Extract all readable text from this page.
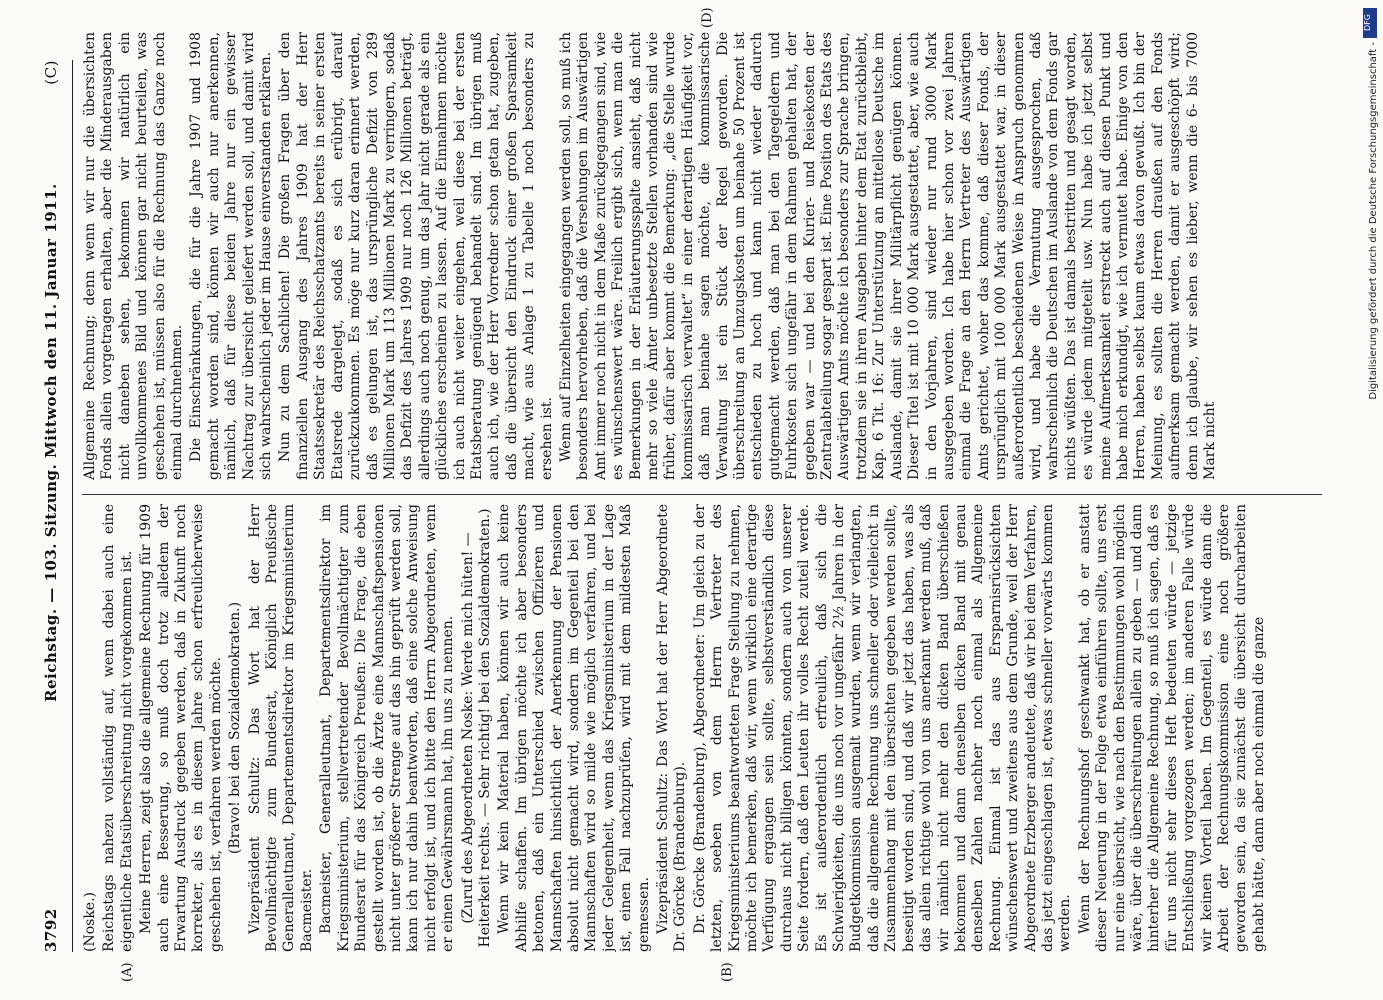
3792
Reichstag. — 103. Sitzung. Mittwoch den 11. Januar 1911.
(C)
(A)	(B)
(D)

(Noske.) Reichstags nahezu vollständig auf, wenn dabei auch eine eigentliche Etatsüberschreitung nicht vorgekommen ist. Meine Herren, zeigt also die allgemeine Rechnung für 1909 auch eine Besserung, so muß doch trotz alledem der Erwartung Ausdruck gegeben werden, daß in Zukunft noch korrekter, als es in diesem Jahre schon erfreulicherweise geschehen ist, verfahren werden möchte. (Bravo! bei den Sozialdemokraten.) Vizepräsident Schultz: Das Wort hat der Herr Bevollmächtigte zum Bundesrat, Königlich Preußische Generalleutnant, Departementsdirektor im Kriegsministerium Bacmeister. Bacmeister, Generalleutnant, Departementsdirektor im Kriegsministerium, stellvertretender Bevollmächtigter zum Bundesrat für das Königreich Preußen: Die Frage, die eben gestellt worden ist, ob die Ärzte eine Mannschaftspensionen nicht unter größerer Strenge auf das hin geprüft werden soll, kann ich nur dahin beantworten, daß eine solche Anweisung nicht erfolgt ist, und ich bitte den Herrn Abgeordneten, wenn er einen Gewährsmann hat, ihn uns zu nennen. (Zuruf des Abgeordneten Noske: Werde mich hüten! — Heiterkeit rechts. — Sehr richtig! bei den Sozialdemokraten.) Wenn wir kein Material haben, können wir auch keine Abhilfe schaffen. Im übrigen möchte ich aber besonders betonen, daß ein Unterschied zwischen Offizieren und Mannschaften hinsichtlich der Anerkennung der Pensionen absolut nicht gemacht wird, sondern im Gegenteil bei den Mannschaften wird so milde wie möglich verfahren, und bei jeder Gelegenheit, wenn das Kriegsministerium in der Lage ist, einen Fall nachzuprüfen, wird mit dem mildesten Maß gemessen. Vizepräsident Schultz: Das Wort hat der Herr Abgeordnete Dr. Görcke (Brandenburg). Dr. Görcke (Brandenburg), Abgeordneter: Um gleich zu der letzten, soeben von dem Herrn Vertreter des Kriegsministeriums beantworteten Frage Stellung zu nehmen, möchte ich bemerken, daß wir, wenn wirklich eine derartige Verfügung ergangen sein sollte, selbstverständlich diese durchaus nicht billigen könnten, sondern auch von unserer Seite fordern, daß den Leuten ihr volles Recht zuteil werde. Es ist außerordentlich erfreulich, daß sich die Schwierigkeiten, die uns noch vor ungefähr 2½ Jahren in der Budgetkommission ausgemalt wurden, wenn wir verlangten, daß die allgemeine Rechnung uns schneller oder vielleicht in Zusammenhang mit den übersichten gegeben werden sollte, beseitigt worden sind, und daß wir jetzt das haben, was als das allein richtige wohl von uns anerkannt werden muß, daß wir nämlich nicht mehr den dicken Band überschießen bekommen und dann denselben dicken Band mit genau denselben Zahlen nachher noch einmal als Allgemeine Rechnung. Einmal ist das aus Ersparnisrücksichten wünschenswert und zweitens aus dem Grunde, weil der Herr Abgeordnete Erzberger andeutete, daß wir bei dem Verfahren, das jetzt eingeschlagen ist, etwas schneller vorwärts kommen werden. Wenn der Rechnungshof geschwankt hat, ob er anstatt dieser Neuerung in der Folge etwa einführen sollte, uns erst nur eine übersicht, wie nach den Bestimmungen wohl möglich wäre, über die überschreitungen allein zu geben — und dann hinterher die Allgemeine Rechnung, so muß ich sagen, daß es für uns nicht sehr dieses Heft bedeuten würde — jetzige Entschließung vorgezogen werden; im anderen Falle würde wir keinen Vorteil haben. Im Gegenteil, es würde dann die Arbeit der Rechnungskommission eine noch größere geworden sein, da sie zunächst die übersicht durcharbeiten gehabt hätte, dann aber noch einmal die ganze

Allgemeine Rechnung; denn wenn wir nur die übersichten Fonds allein vorgetragen erhalten, aber die Minderausgaben nicht daneben sehen, bekommen wir natürlich ein unvollkommenes Bild und können gar nicht beurteilen, was geschehen ist, müssen also für die Rechnung das Ganze noch einmal durchnehmen. Die Einschränkungen, die für die Jahre 1907 und 1908 gemacht worden sind, können wir auch nur anerkennen, nämlich, daß für diese beiden Jahre nur ein gewisser Nachtrag zur übersicht geliefert werden soll, und damit wird sich wahrscheinlich jeder im Hause einverstanden erklären. Nun zu dem Sachlichen! Die großen Fragen über den finanziellen Ausgang des Jahres 1909 hat der Herr Staatssekretär des Reichsschatzamts bereits in seiner ersten Etatsrede dargelegt, sodaß es sich erübrigt, darauf zurückzukommen. Es möge nur kurz daran erinnert werden, daß es gelungen ist, das ursprüngliche Defizit von 289 Millionen Mark um 113 Millionen Mark zu verringern, sodaß das Defizit des Jahres 1909 nur noch 126 Millionen beträgt, allerdings auch noch genug, um das Jahr nicht gerade als ein glückliches erscheinen zu lassen. Auf die Einnahmen möchte ich auch nicht weiter eingehen, weil diese bei der ersten Etatsberatung genügend behandelt sind. Im übrigen muß auch ich, wie der Herr Vorredner schon getan hat, zugeben, daß die übersicht den Eindruck einer großen Sparsamkeit macht, wie aus Anlage 1 zu Tabelle 1 noch besonders zu ersehen ist. Wenn auf Einzelheiten eingegangen werden soll, so muß ich besonders hervorheben, daß die Versehungen im Auswärtigen Amt immer noch nicht in dem Maße zurückgegangen sind, wie es wünschenswert wäre. Freilich ergibt sich, wenn man die Bemerkungen in der Erläuterungsspalte ansieht, daß nicht mehr so viele Ämter unbesetzte Stellen vorhanden sind wie früher, dafür aber kommt die Bemerkung: „die Stelle wurde kommissarisch verwaltet“ in einer derartigen Häufigkeit vor, daß man beinahe sagen möchte, die kommissarische Verwaltung ist ein Stück der Regel geworden. Die überschreitung an Umzugskosten um beinahe 50 Prozent ist entschieden zu hoch und kann nicht wieder dadurch gutgemacht werden, daß man bei den Tagegeldern und Fuhrkosten sich ungefähr in dem Rahmen gehalten hat, der gegeben war — und bei den Kurier- und Reisekosten der Zentralabteilung sogar gespart ist. Eine Position des Etats des Auswärtigen Amts möchte ich besonders zur Sprache bringen, trotzdem sie in ihren Ausgaben hinter dem Etat zurückbleibt, Kap. 6 Tit. 16: Zur Unterstützung an mittellose Deutsche im Auslande, damit sie ihrer Militärpflicht genügen können. Dieser Titel ist mit 10 000 Mark ausgestattet, aber, wie auch in den Vorjahren, sind wieder nur rund 3000 Mark ausgegeben worden. Ich habe hier schon vor zwei Jahren einmal die Frage an den Herrn Vertreter des Auswärtigen Amts gerichtet, woher das komme, daß dieser Fonds, der ursprünglich mit 100 000 Mark ausgestattet war, in dieser außerordentlich bescheidenen Weise in Anspruch genommen wird, und habe die Vermutung ausgesprochen, daß wahrscheinlich die Deutschen im Auslande von dem Fonds gar nichts wüßten. Das ist damals bestritten und gesagt worden, es würde jedem mitgeteilt usw. Nun habe ich jetzt selbst meine Aufmerksamkeit erstreckt auch auf diesen Punkt und habe mich erkundigt, wie ich vermutet habe. Einige von den Herren, haben selbst kaum etwas davon gewußt. Ich bin der Meinung, es sollten die Herren draußen auf den Fonds aufmerksam gemacht werden, damit er ausgeschöpft wird; denn ich glaube, wir sehen es lieber, wenn die 6- bis 7000 Mark nicht

DFG
Digitalisierung gefördert durch die Deutsche Forschungsgemeinschaft -
